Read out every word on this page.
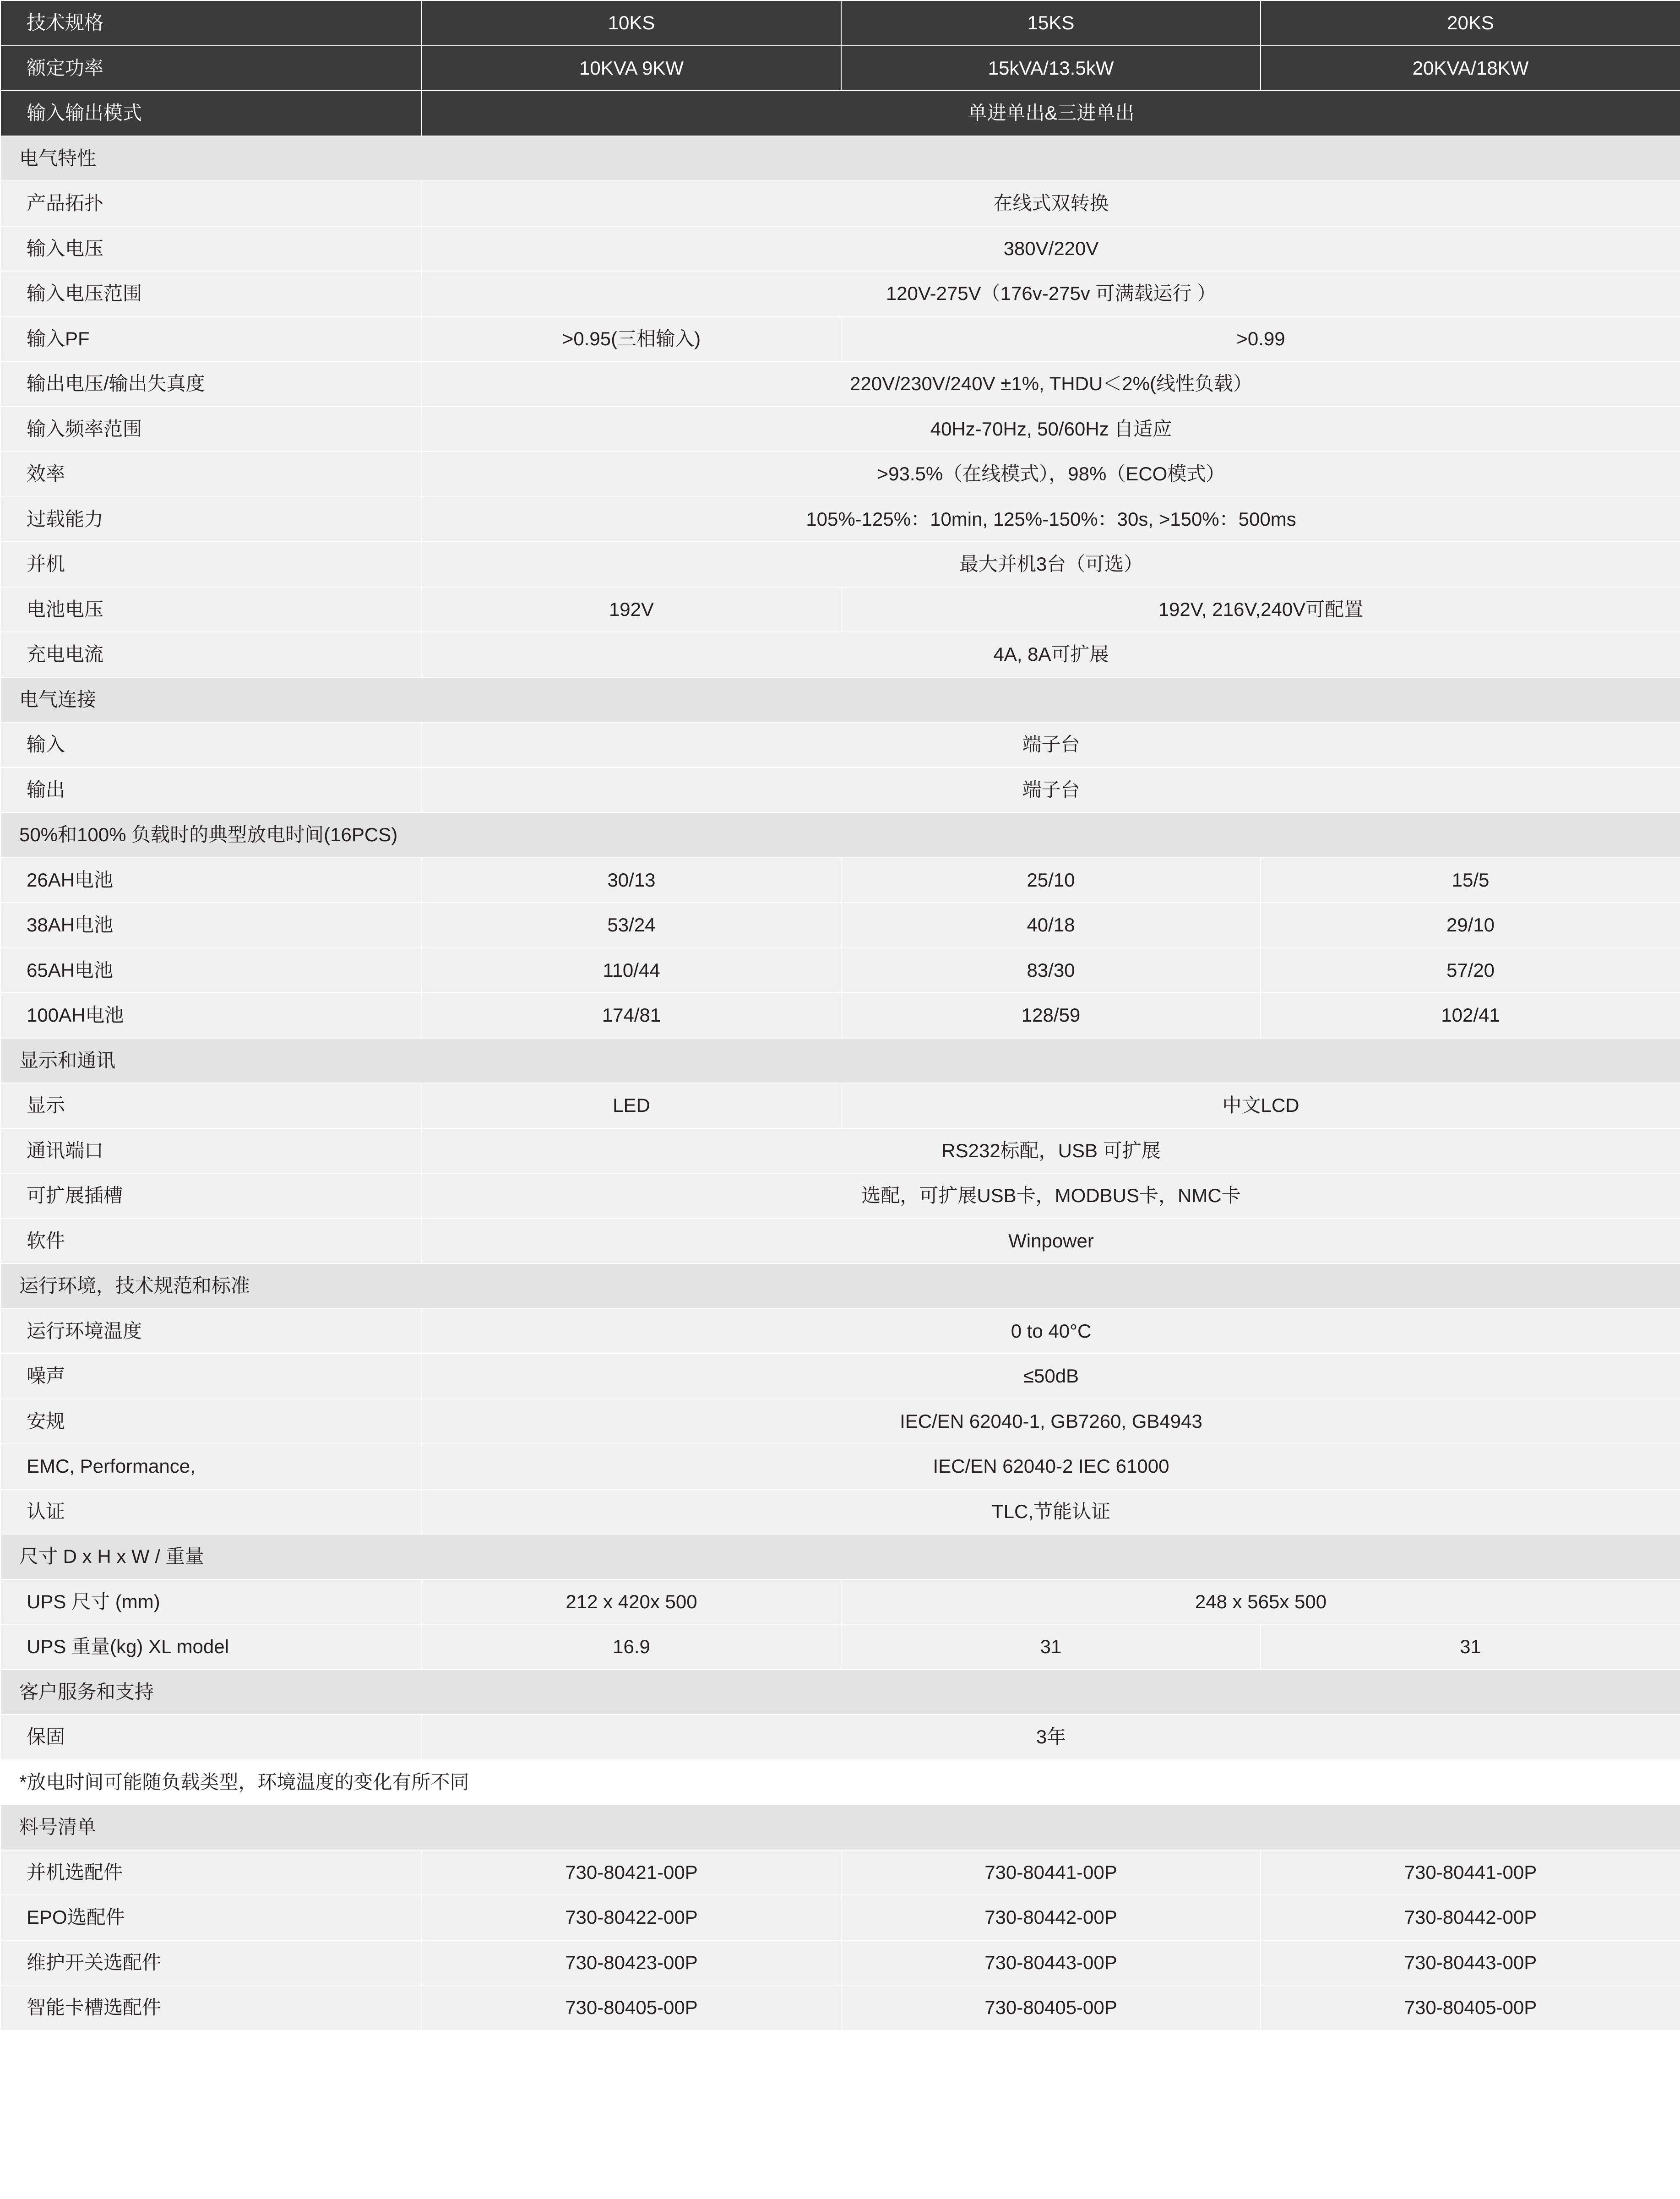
技术规格	10KS	15KS	20KS
额定功率	10KVA 9KW	15kVA/13.5kW	20KVA/18KW
输入输出模式	单进单出&三进单出		
电气特性			
产品拓扑	在线式双转换		
输入电压	380V/220V		
输入电压范围	120V-275V（176v-275v 可满载运行 ）		
输入PF	>0.95(三相输入)	>0.99	
输出电压/输出失真度	220V/230V/240V ±1%, THDU＜2%(线性负载）		
输入频率范围	40Hz-70Hz, 50/60Hz 自适应		
效率	>93.5%（在线模式），98%（ECO模式）		
过载能力	105%-125%：10min, 125%-150%：30s, >150%：500ms		
并机	最大并机3台（可选）		
电池电压	192V	192V, 216V,240V可配置	
充电电流	4A, 8A可扩展		
电气连接			
输入	端子台		
输出	端子台		
50%和100% 负载时的典型放电时间(16PCS)			
26AH电池	30/13	25/10	15/5
38AH电池	53/24	40/18	29/10
65AH电池	110/44	83/30	57/20
100AH电池	174/81	128/59	102/41
显示和通讯			
显示	LED	中文LCD	
通讯端口	RS232标配，USB 可扩展		
可扩展插槽	选配，可扩展USB卡，MODBUS卡，NMC卡		
软件	Winpower		
运行环境，技术规范和标准			
运行环境温度	0 to 40°C		
噪声	≤50dB		
安规	IEC/EN 62040-1, GB7260, GB4943		
EMC, Performance,	IEC/EN 62040-2 IEC 61000		
认证	TLC,节能认证		
尺寸 D x H x W / 重量			
UPS 尺寸 (mm)	212 x 420x 500	248 x 565x 500	
UPS 重量(kg) XL model	16.9	31	31
客户服务和支持			
保固	3年		
*放电时间可能随负载类型，环境温度的变化有所不同			
料号清单			
并机选配件	730-80421-00P	730-80441-00P	730-80441-00P
EPO选配件	730-80422-00P	730-80442-00P	730-80442-00P
维护开关选配件	730-80423-00P	730-80443-00P	730-80443-00P
智能卡槽选配件	730-80405-00P	730-80405-00P	730-80405-00P
